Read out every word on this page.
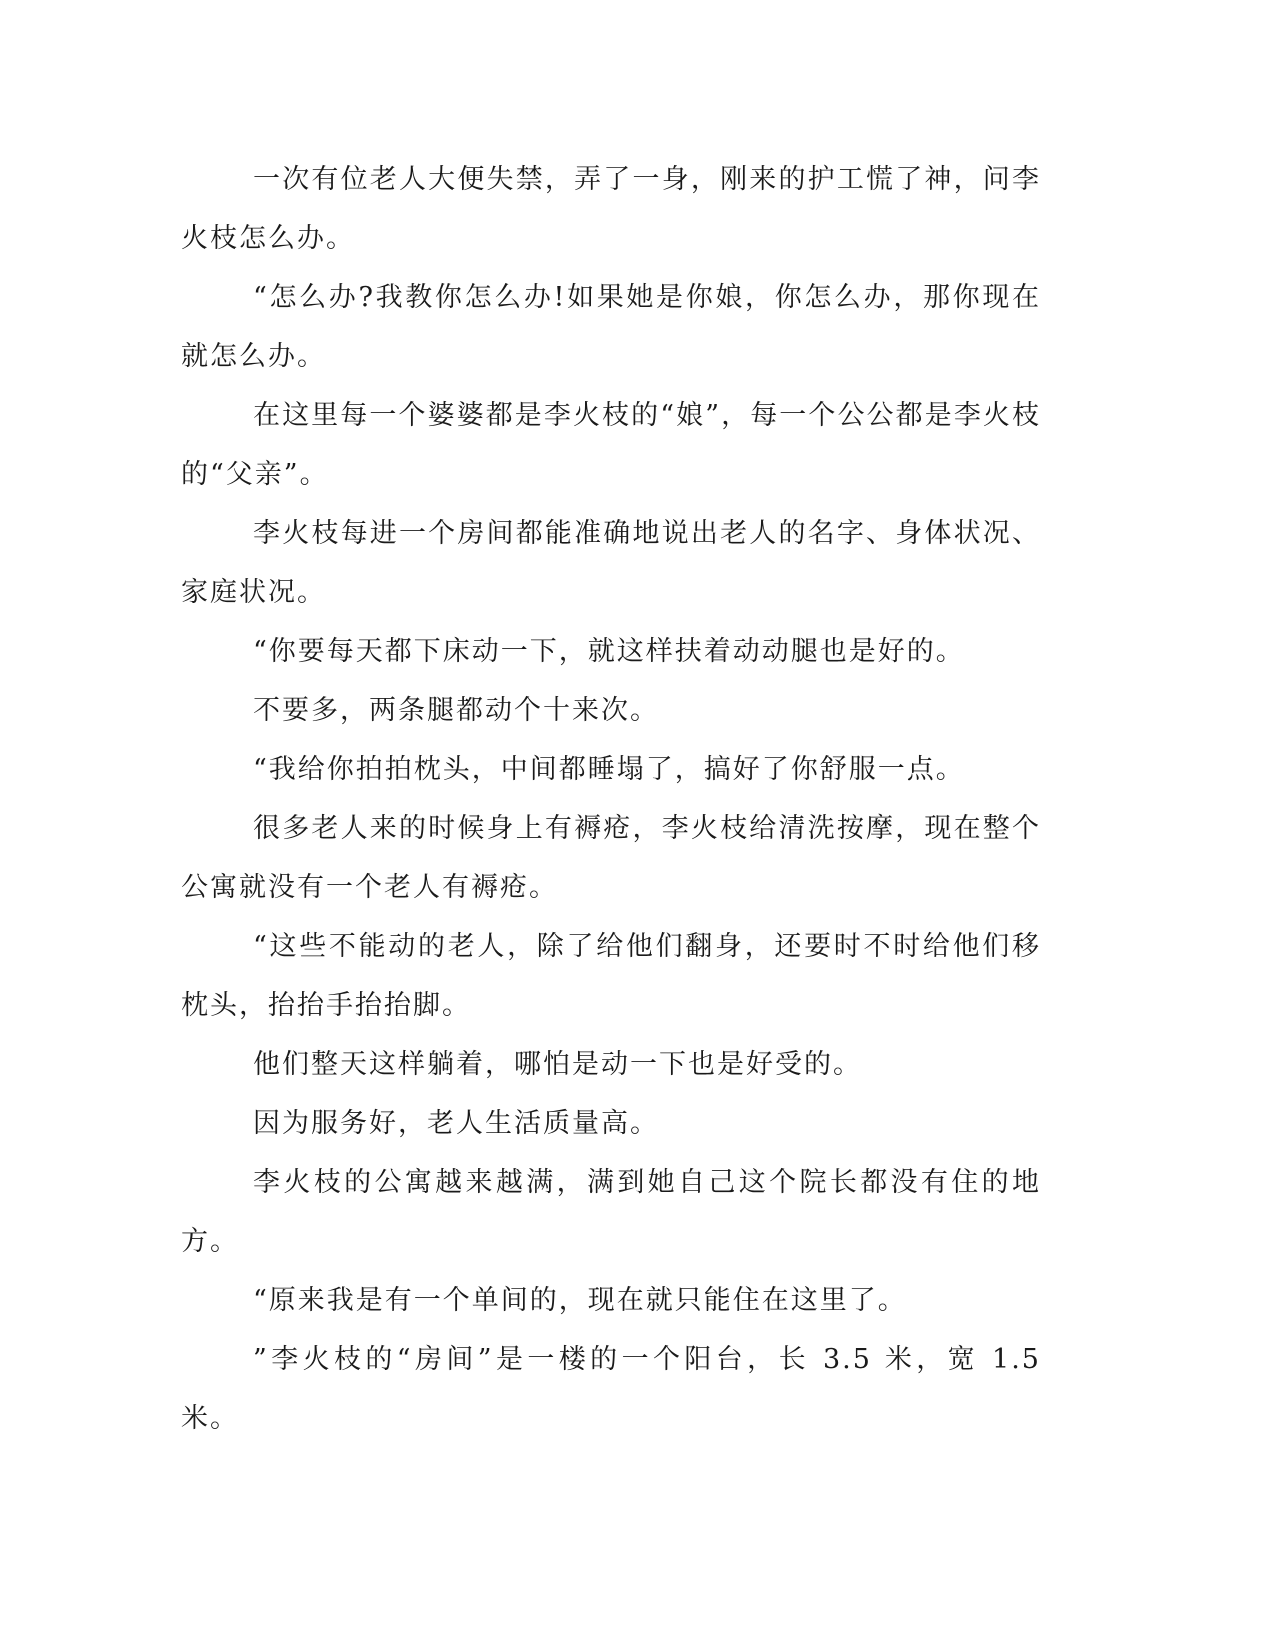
一次有位老人大便失禁，弄了一身，刚来的护工慌了神，问李火枝怎么办。

“怎么办?我教你怎么办!如果她是你娘，你怎么办，那你现在就怎么办。

在这里每一个婆婆都是李火枝的“娘”，每一个公公都是李火枝的“父亲”。

李火枝每进一个房间都能准确地说出老人的名字、身体状况、家庭状况。

“你要每天都下床动一下，就这样扶着动动腿也是好的。

不要多，两条腿都动个十来次。

“我给你拍拍枕头，中间都睡塌了，搞好了你舒服一点。

很多老人来的时候身上有褥疮，李火枝给清洗按摩，现在整个公寓就没有一个老人有褥疮。

“这些不能动的老人，除了给他们翻身，还要时不时给他们移枕头，抬抬手抬抬脚。

他们整天这样躺着，哪怕是动一下也是好受的。

因为服务好，老人生活质量高。

李火枝的公寓越来越满，满到她自己这个院长都没有住的地方。

“原来我是有一个单间的，现在就只能住在这里了。

”李火枝的“房间”是一楼的一个阳台，长 3.5 米，宽 1.5 米。
